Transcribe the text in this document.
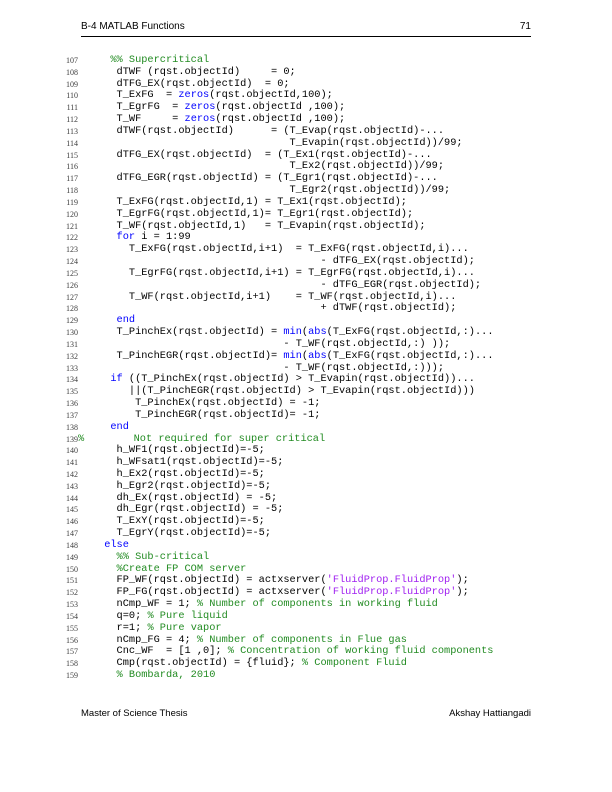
B-4 MATLAB Functions	71
107 %% Supercritical
108 dTWF (rqst.objectId)     = 0;
109 dTFG_EX(rqst.objectId)  = 0;
110 T_ExFG  = zeros(rqst.objectId,100);
111 T_EgrFG  = zeros(rqst.objectId ,100);
112 T_WF     = zeros(rqst.objectId ,100);
113 dTWF(rqst.objectId)      = (T_Evap(rqst.objectId)-...
114 T_Evapin(rqst.objectId))/99;
115 dTFG_EX(rqst.objectId)  = (T_Ex1(rqst.objectId)-...
116 T_Ex2(rqst.objectId))/99;
117 dTFG_EGR(rqst.objectId) = (T_Egr1(rqst.objectId)-...
118 T_Egr2(rqst.objectId))/99;
119 T_ExFG(rqst.objectId,1) = T_Ex1(rqst.objectId);
120 T_EgrFG(rqst.objectId,1)= T_Egr1(rqst.objectId);
121 T_WF(rqst.objectId,1)   = T_Evapin(rqst.objectId);
122	for i = 1:99
123 T_ExFG(rqst.objectId,i+1)  = T_ExFG(rqst.objectId,i)...
124 - dTFG_EX(rqst.objectId);
125 T_EgrFG(rqst.objectId,i+1) = T_EgrFG(rqst.objectId,i)...
126 - dTFG_EGR(rqst.objectId);
127 T_WF(rqst.objectId,i+1)    = T_WF(rqst.objectId,i)...
128 + dTWF(rqst.objectId);
129	end
130 T_PinchEx(rqst.objectId) = min(abs(T_ExFG(rqst.objectId,:)...
131 - T_WF(rqst.objectId,:) ));
132 T_PinchEGR(rqst.objectId)= min(abs(T_ExFG(rqst.objectId,:)...
133 - T_WF(rqst.objectId,:)));
134	if ((T_PinchEx(rqst.objectId) > T_Evapin(rqst.objectId))...
135 ||(T_PinchEGR(rqst.objectId) > T_Evapin(rqst.objectId)))
136 T_PinchEx(rqst.objectId) = -1;
137 T_PinchEGR(rqst.objectId)= -1;
138	end
139 %        Not required for super critical
140 h_WF1(rqst.objectId)=-5;
141 h_WFsat1(rqst.objectId)=-5;
142 h_Ex2(rqst.objectId)=-5;
143 h_Egr2(rqst.objectId)=-5;
144 dh_Ex(rqst.objectId) = -5;
145 dh_Egr(rqst.objectId) = -5;
146 T_ExY(rqst.objectId)=-5;
147 T_EgrY(rqst.objectId)=-5;
148	else
149 %% Sub-critical
150 %Create FP COM server
151 FP_WF(rqst.objectId) = actxserver('FluidProp.FluidProp');
152 FP_FG(rqst.objectId) = actxserver('FluidProp.FluidProp');
153 nCmp_WF = 1; % Number of components in working fluid
154 q=0; % Pure liquid
155 r=1; % Pure vapor
156 nCmp_FG = 4; % Number of components in Flue gas
157 Cnc_WF  = [1 ,0]; % Concentration of working fluid components
158 Cmp(rqst.objectId) = {fluid}; % Component Fluid
159 % Bombarda, 2010
Master of Science Thesis	Akshay Hattiangadi
